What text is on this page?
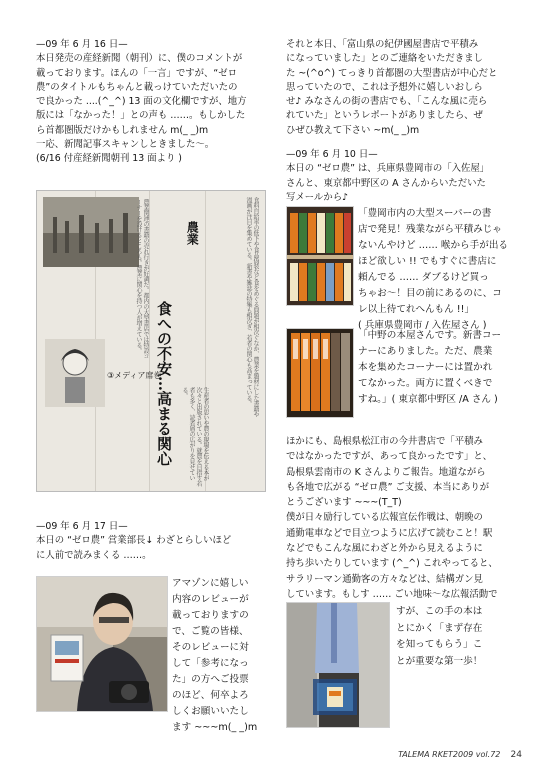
—09 年 6 月 16 日—
本日発売の産経新聞（朝刊）に、僕のコメントが
載っております。ほんの「一言」ですが、“ゼロ
農”のタイトルもちゃんと載っけていただいたの
で良かった ....(^_^) 13 面の文化欄ですが、地方
版には「なかった！」との声も ……。もしかした
ら首都圏版だけかもしれません m(_ _)m
一応、新聞記事スキャンしときました〜。
(6/16 付産経新聞朝刊 13 面より )
食料自給率の低下や食品偽装など食をめぐる問題が相次ぐなか、農業を題材にした書籍や漫画が注目を集めている。新書や雑誌の特集も相次ぎ、若者の関心も高まっている。
食への不安…高まる関心
農業
③メディア席巻
農業関連の書籍の売れ行きが好調だ。都内の大型書店では特設コーナーを設けるところも。農業に関心を持つ人が増えている。
生産者の思いや農の現場を伝える本が次々と出版されている。就農を目指す若者も多く、読者層の広がりを見せている。
—09 年 6 月 17 日—
本日の “ゼロ農” 営業部長↓ わざとらしいほど
に人前で読みまくる ……。
アマゾンに嬉しい
内容のレビューが
載っておりますの
で、ご覧の皆様、
そのレビューに対
して「参考になっ
た」の方へご投票
のほど、何卒よろ
しくお願いいたし
ます ~~~m(_ _)m
それと本日、「富山県の紀伊國屋書店で平積み
になっていました」とのご連絡をいただきまし
た ~(^o^) てっきり首都圏の大型書店が中心だと
思っていたので、これは予想外に嬉しいおしら
せ♪ みなさんの街の書店でも、「こんな風に売ら
れていた」というレポートがありましたら、ぜ
ひぜひ教えて下さい ~m(_ _)m
—09 年 6 月 10 日—
本日の “ゼロ農” は、兵庫県豊岡市の「入佐屋」
さんと、東京都中野区の A さんからいただいた
写メールから♪
「豊岡市内の大型スーパーの書
店で発見！残業ながら平積みじゃ
ないんやけど …… 喉から手が出る
ほど欲しい !! でもすぐに書店に
頼んでる …… ダブるけど買っ
ちゃお〜！目の前にあるのに、コ
レ以上待てれへんもん !!」
( 兵庫県豊岡市 / 入佐屋さん )
「中野の本屋さんです。新書コー
ナーにありました。ただ、農業
本を集めたコーナーには置かれ
てなかった。両方に置くべきで
すね。」( 東京都中野区 /A さん )
ほかにも、島根県松江市の今井書店で「平積み
ではなかったですが、あって良かったです」と、
島根県雲南市の K さんよりご報告。地道ながら
も各地で広がる “ゼロ農” ご支援、本当にありが
とうございます ~~~(T_T)
僕が日々励行している広報宣伝作戦は、朝晩の
通勤電車などで目立つように広げて読むこと！駅
などでもこんな風にわざと外から見えるように
持ち歩いたりしています (^_^) これやってると、
サラリーマン通勤客の方々などは、結構ガン見
しています。もしす …… ごい地味〜な広報活動で
すが、この手の本は
とにかく「まず存在
を知ってもらう」こ
とが重要な第一歩！
TALEMA RKET2009 vol.72 24
